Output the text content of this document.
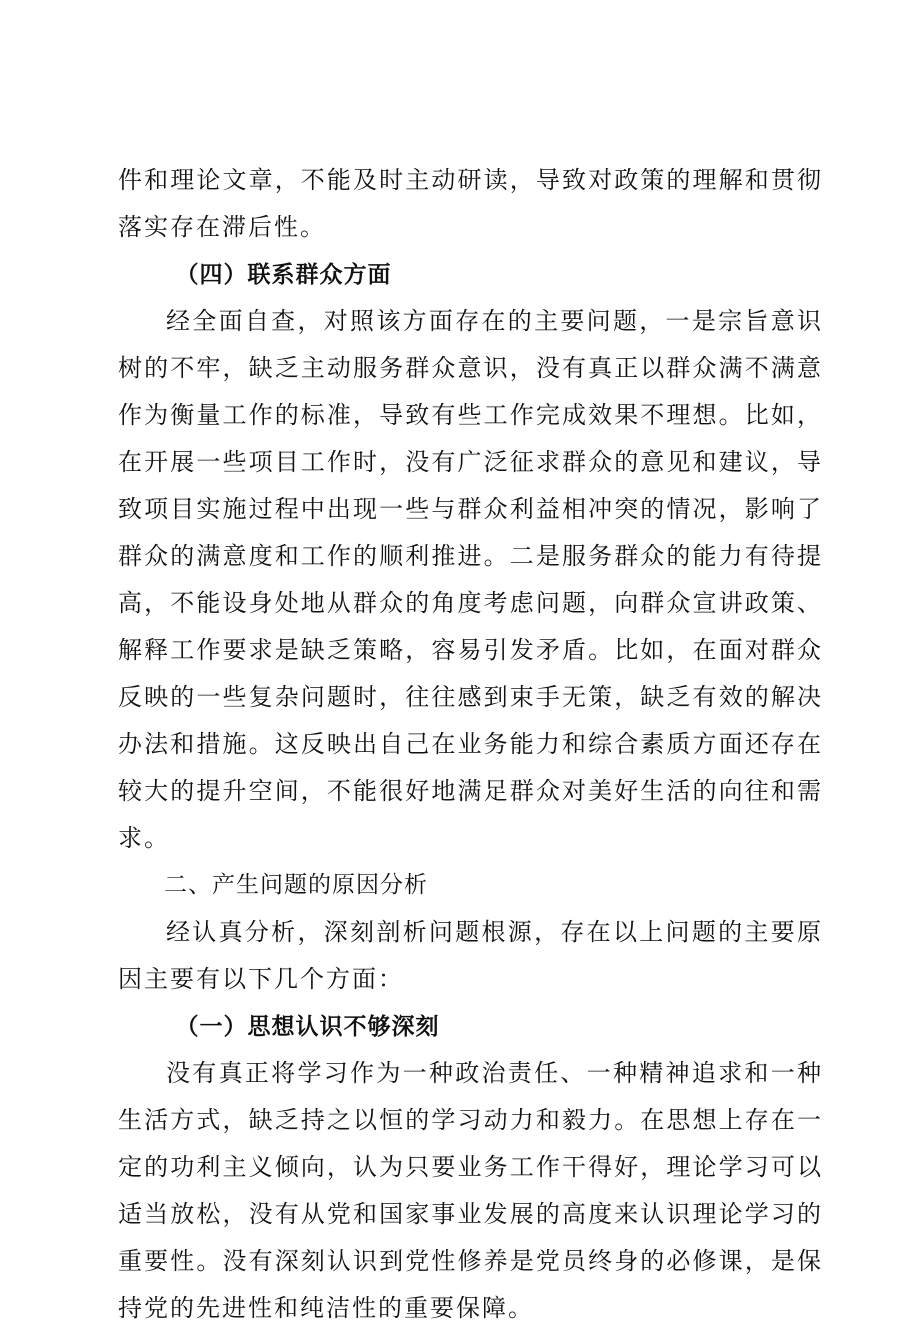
件和理论文章，不能及时主动研读，导致对政策的理解和贯彻落实存在滞后性。

（四）联系群众方面

经全面自查，对照该方面存在的主要问题，一是宗旨意识树的不牢，缺乏主动服务群众意识，没有真正以群众满不满意作为衡量工作的标准，导致有些工作完成效果不理想。比如，在开展一些项目工作时，没有广泛征求群众的意见和建议，导致项目实施过程中出现一些与群众利益相冲突的情况，影响了群众的满意度和工作的顺利推进。二是服务群众的能力有待提高，不能设身处地从群众的角度考虑问题，向群众宣讲政策、解释工作要求是缺乏策略，容易引发矛盾。比如，在面对群众反映的一些复杂问题时，往往感到束手无策，缺乏有效的解决办法和措施。这反映出自己在业务能力和综合素质方面还存在较大的提升空间，不能很好地满足群众对美好生活的向往和需求。

二、产生问题的原因分析

经认真分析，深刻剖析问题根源，存在以上问题的主要原因主要有以下几个方面：

（一）思想认识不够深刻

没有真正将学习作为一种政治责任、一种精神追求和一种生活方式，缺乏持之以恒的学习动力和毅力。在思想上存在一定的功利主义倾向，认为只要业务工作干得好，理论学习可以适当放松，没有从党和国家事业发展的高度来认识理论学习的重要性。没有深刻认识到党性修养是党员终身的必修课，是保持党的先进性和纯洁性的重要保障。
